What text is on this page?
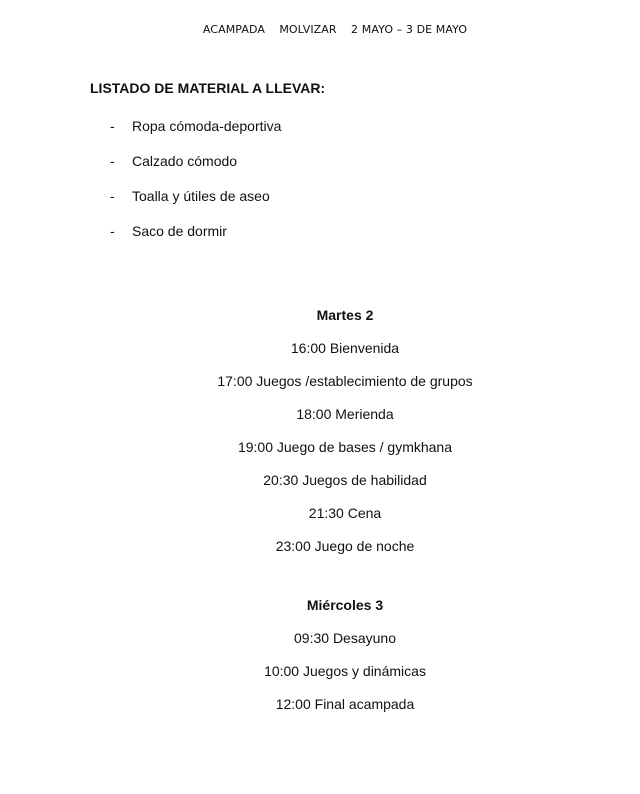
ACAMPADA    MOLVIZAR    2 MAYO – 3 DE MAYO
LISTADO DE MATERIAL A LLEVAR:
-	Ropa cómoda-deportiva
-	Calzado cómodo
-	Toalla y útiles de aseo
-	Saco de dormir
Martes 2
16:00 Bienvenida
17:00 Juegos /establecimiento de grupos
18:00 Merienda
19:00 Juego de bases / gymkhana
20:30 Juegos de habilidad
21:30 Cena
23:00 Juego de noche
Miércoles 3
09:30 Desayuno
10:00 Juegos y dinámicas
12:00 Final acampada
